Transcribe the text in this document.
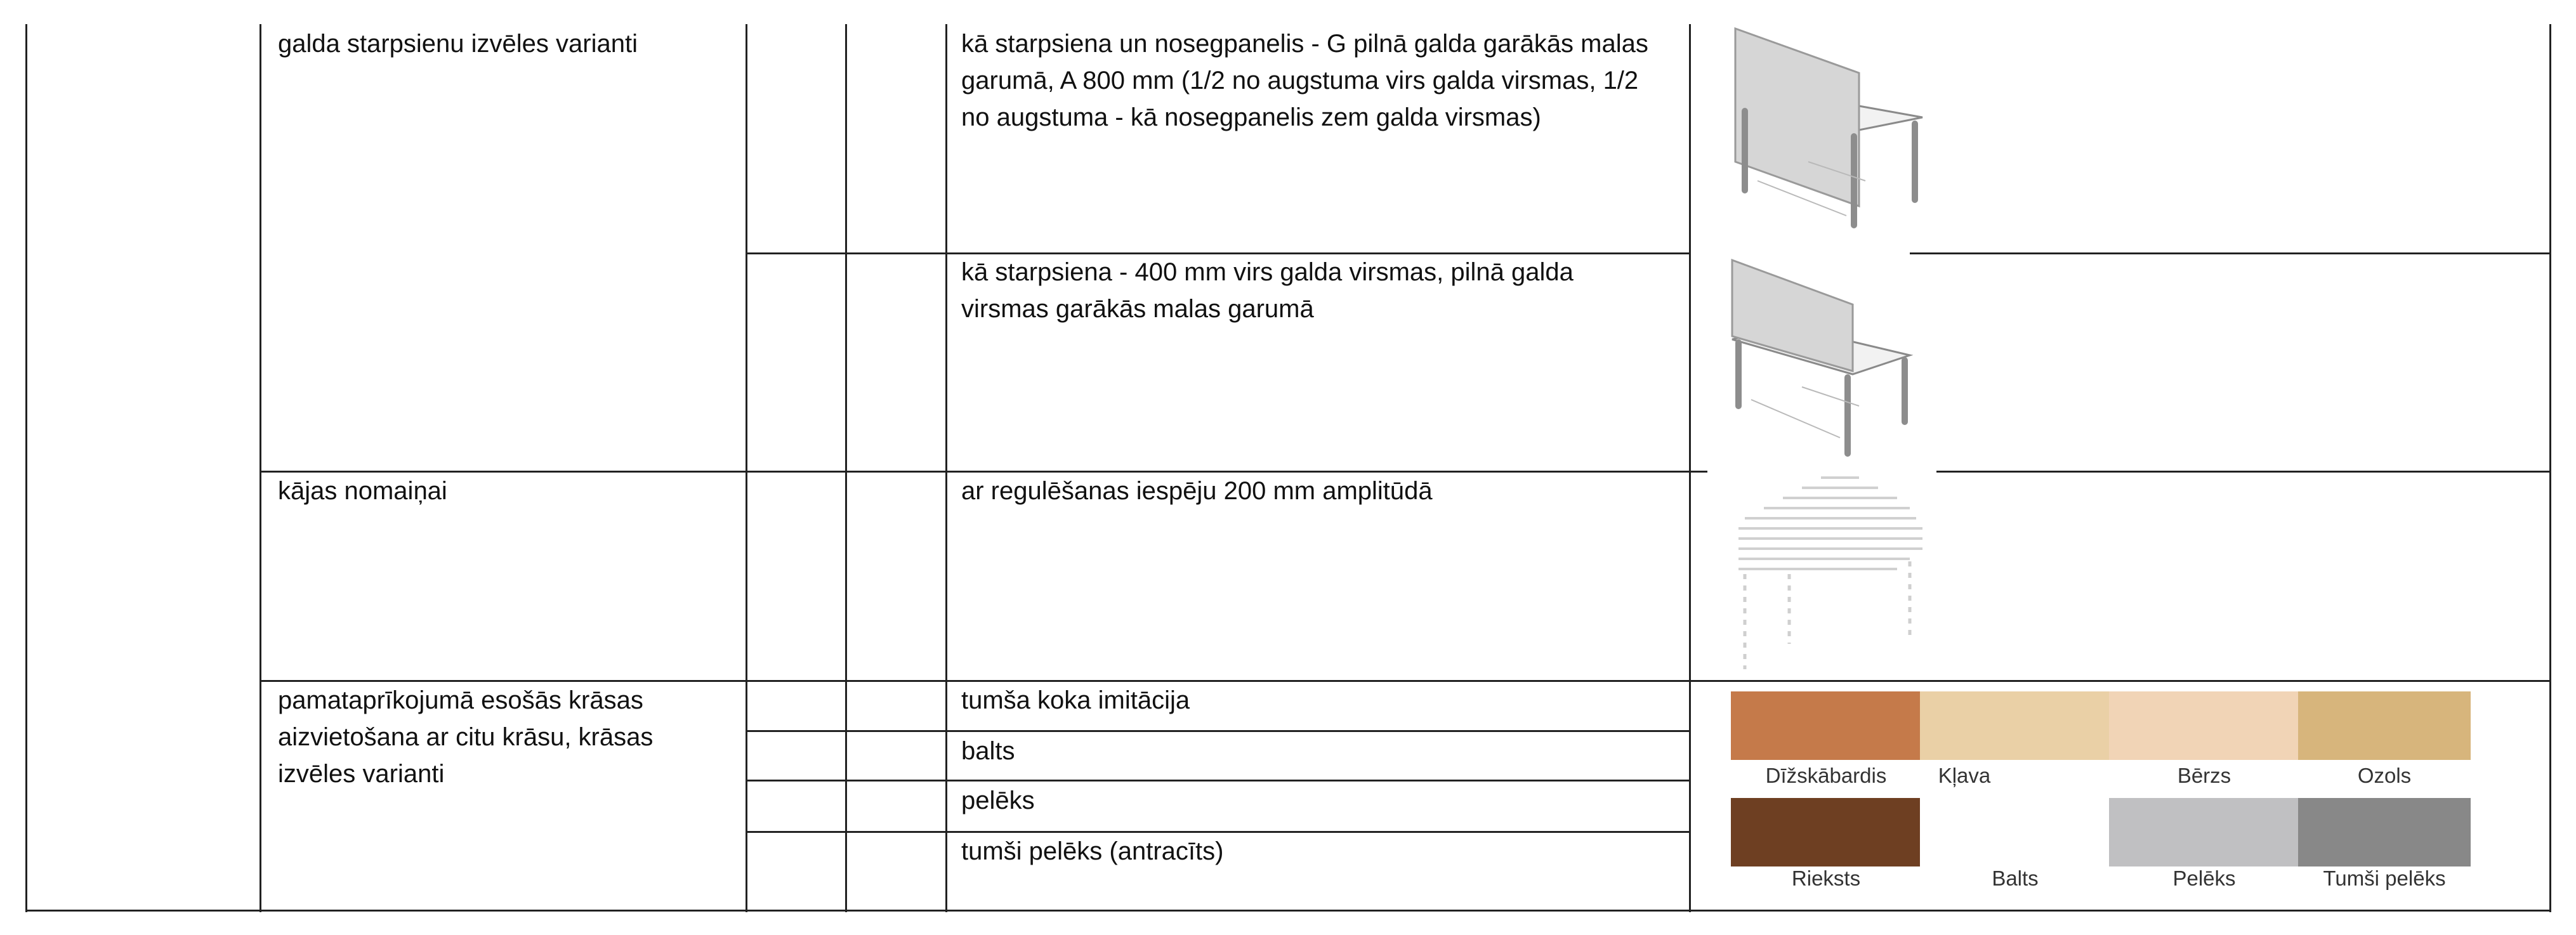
galda starpsienu izvēles varianti	kā starpsiena un nosegpanelis - G pilnā galda garākās malas garumā, A 800 mm (1/2 no augstuma virs galda virsmas, 1/2 no augstuma - kā nosegpanelis zem galda virsmas)
kā starpsiena - 400 mm virs galda virsmas, pilnā galda virsmas garākās malas garumā
kājas nomaiņai	ar regulēšanas iespēju 200 mm amplitūdā
pamataprīkojumā esošās krāsas aizvietošana ar citu krāsu, krāsas izvēles varianti
tumša koka imitācija
balts
pelēks
tumši pelēks (antracīts)
Dīžskābardis	Kļava	Bērzs	Ozols
Rieksts	Balts	Pelēks	Tumši pelēks
